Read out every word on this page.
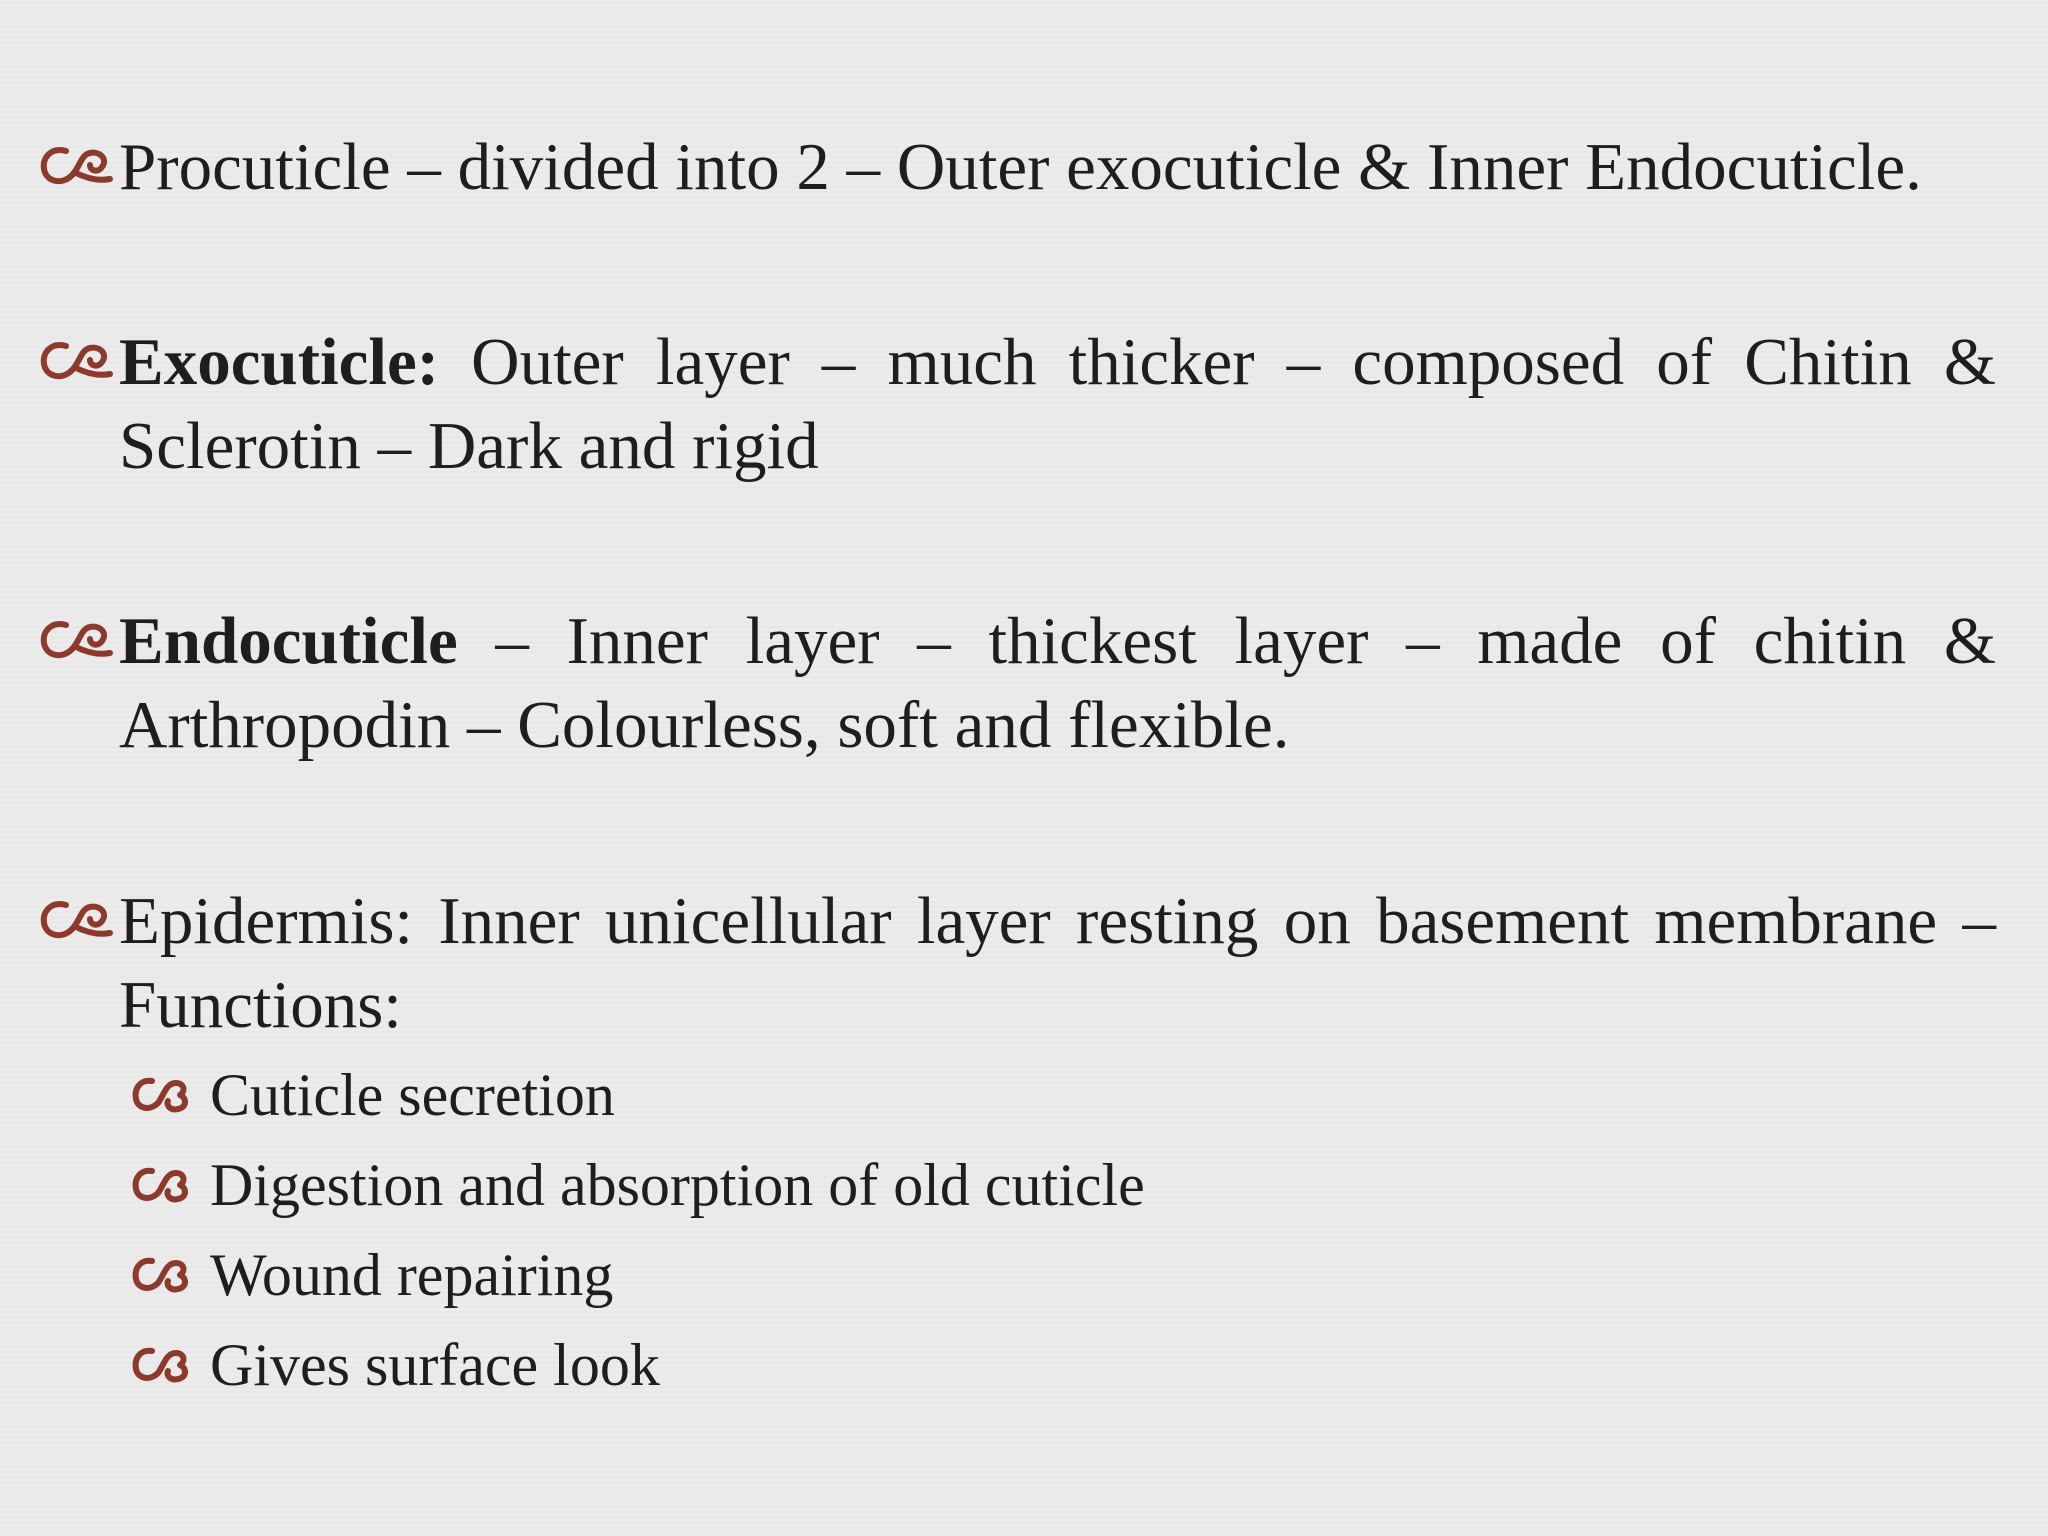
Procuticle – divided into 2 – Outer exocuticle & Inner Endocuticle.
Exocuticle: Outer layer – much thicker – composed of Chitin & Sclerotin – Dark and rigid
Endocuticle – Inner layer – thickest layer – made of chitin & Arthropodin – Colourless, soft and flexible.
Epidermis: Inner unicellular layer resting on basement membrane – Functions:
Cuticle secretion
Digestion and absorption of old cuticle
Wound repairing
Gives surface look
